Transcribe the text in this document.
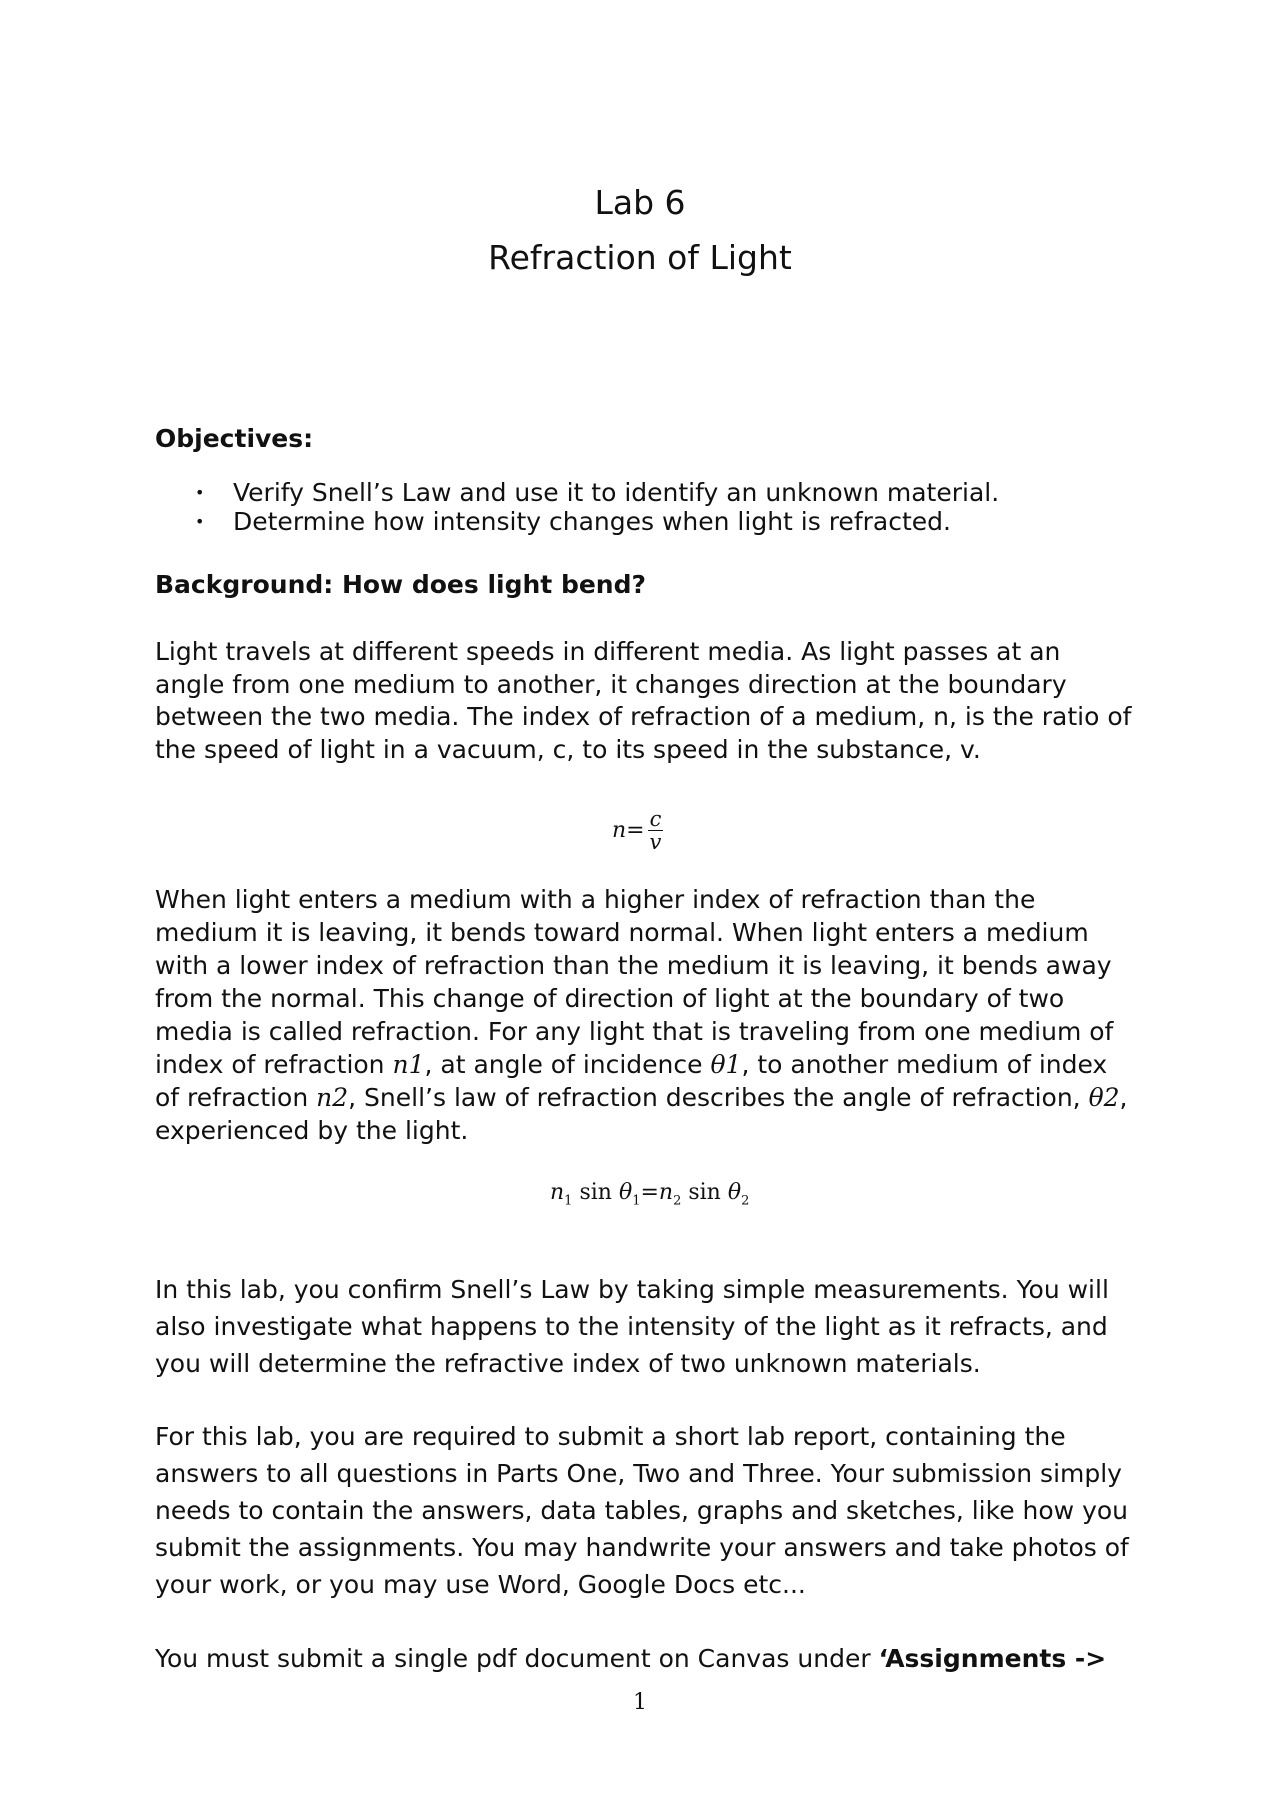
Lab 6
Refraction of Light
Objectives:
• Verify Snell’s Law and use it to identify an unknown material.
• Determine how intensity changes when light is refracted.
Background: How does light bend?

Light travels at different speeds in different media. As light passes at an angle from one medium to another, it changes direction at the boundary between the two media. The index of refraction of a medium, n, is the ratio of the speed of light in a vacuum, c, to its speed in the substance, v.

$n= \frac{c}{v}$

When light enters a medium with a higher index of refraction than the medium it is leaving, it bends toward normal. When light enters a medium with a lower index of refraction than the medium it is leaving, it bends away from the normal. This change of direction of light at the boundary of two media is called refraction. For any light that is traveling from one medium of index of refraction n1, at angle of incidence θ1, to another medium of index of refraction n2, Snell’s law of refraction describes the angle of refraction, θ2, experienced by the light.

$n_1$ $\sin \theta_1=n_2$ $\sin \theta_2$

In this lab, you confirm Snell’s Law by taking simple measurements. You will also investigate what happens to the intensity of the light as it refracts, and you will determine the refractive index of two unknown materials.

For this lab, you are required to submit a short lab report, containing the answers to all questions in Parts One, Two and Three. Your submission simply needs to contain the answers, data tables, graphs and sketches, like how you submit the assignments. You may handwrite your answers and take photos of your work, or you may use Word, Google Docs etc...

You must submit a single pdf document on Canvas under ‘Assignments ->

1
